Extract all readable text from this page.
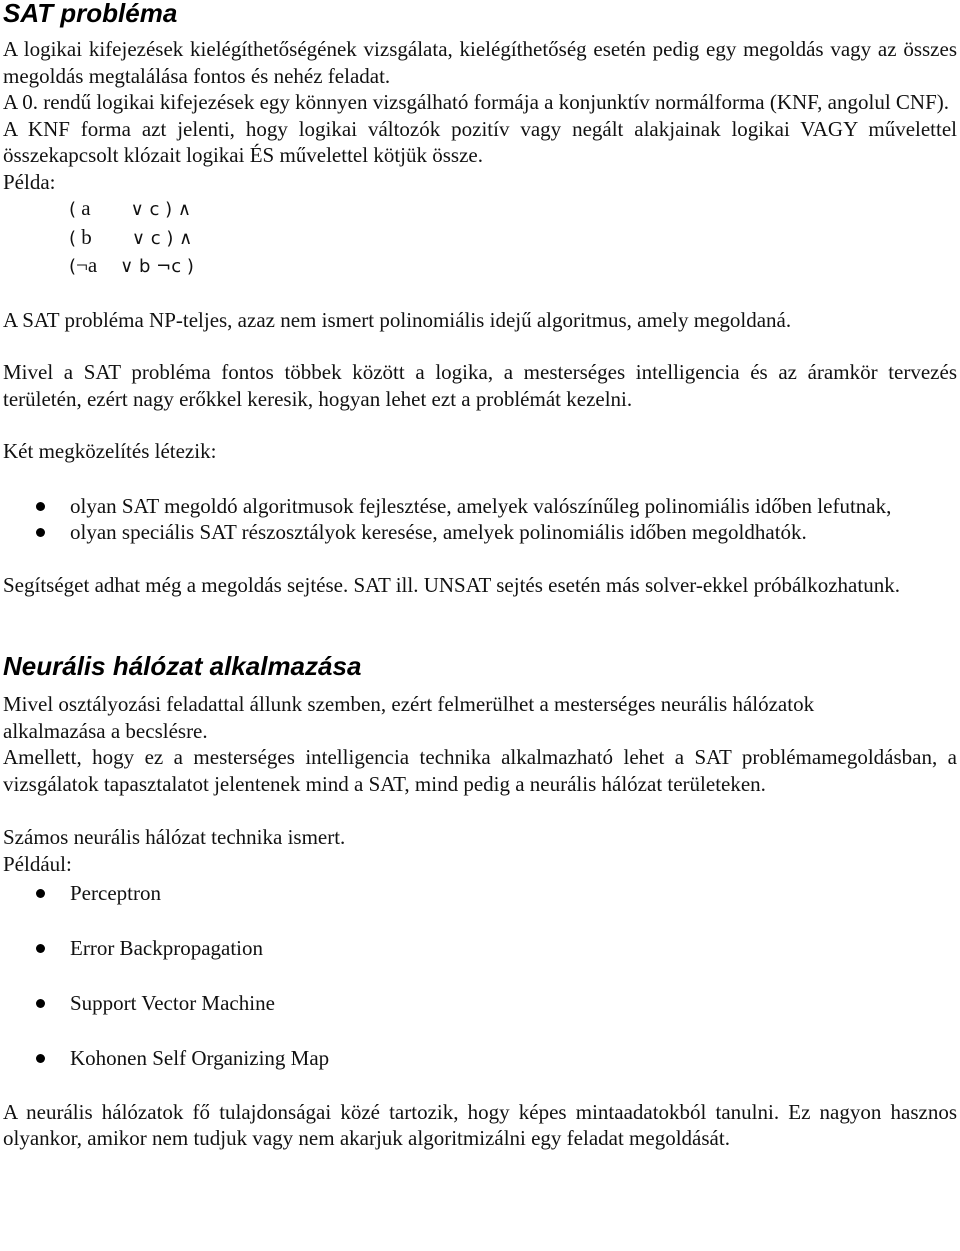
SAT probléma

A logikai kifejezések kielégíthetőségének vizsgálata, kielégíthetőség esetén pedig egy megoldás vagy az összes megoldás megtalálása fontos és nehéz feladat.

A 0. rendű logikai kifejezések egy könnyen vizsgálható formája a konjunktív normálforma (KNF, angolul CNF).

A KNF forma azt jelenti, hogy logikai változók pozitív vagy negált alakjainak logikai VAGY művelettel összekapcsolt klózait logikai ÉS művelettel kötjük össze.

Példa:

( a       ∨ c ) ∧
( b       ∨ c ) ∧
(¬a    ∨ b ¬c )

A SAT probléma NP-teljes, azaz nem ismert polinomiális idejű algoritmus, amely megoldaná.

Mivel a SAT probléma fontos többek között a logika, a mesterséges intelligencia és az áramkör tervezés területén, ezért nagy erőkkel keresik, hogyan lehet ezt a problémát kezelni.

Két megközelítés létezik:

olyan SAT megoldó algoritmusok fejlesztése, amelyek valószínűleg polinomiális időben lefutnak,
olyan speciális SAT részosztályok keresése, amelyek polinomiális időben megoldhatók.

Segítséget adhat még a megoldás sejtése. SAT ill. UNSAT sejtés esetén más solver-ekkel próbálkozhatunk.

Neurális hálózat alkalmazása

Mivel osztályozási feladattal állunk szemben, ezért felmerülhet a mesterséges neurális hálózatok alkalmazása a becslésre.

Amellett, hogy ez a mesterséges intelligencia technika alkalmazható lehet a SAT problémamegoldásban, a vizsgálatok tapasztalatot jelentenek mind a SAT, mind pedig a neurális hálózat területeken.

Számos neurális hálózat technika ismert.

Például:

Perceptron
Error Backpropagation
Support Vector Machine
Kohonen Self Organizing Map

A neurális hálózatok fő tulajdonságai közé tartozik, hogy képes mintaadatokból tanulni. Ez nagyon hasznos olyankor, amikor nem tudjuk vagy nem akarjuk algoritmizálni egy feladat megoldását.
